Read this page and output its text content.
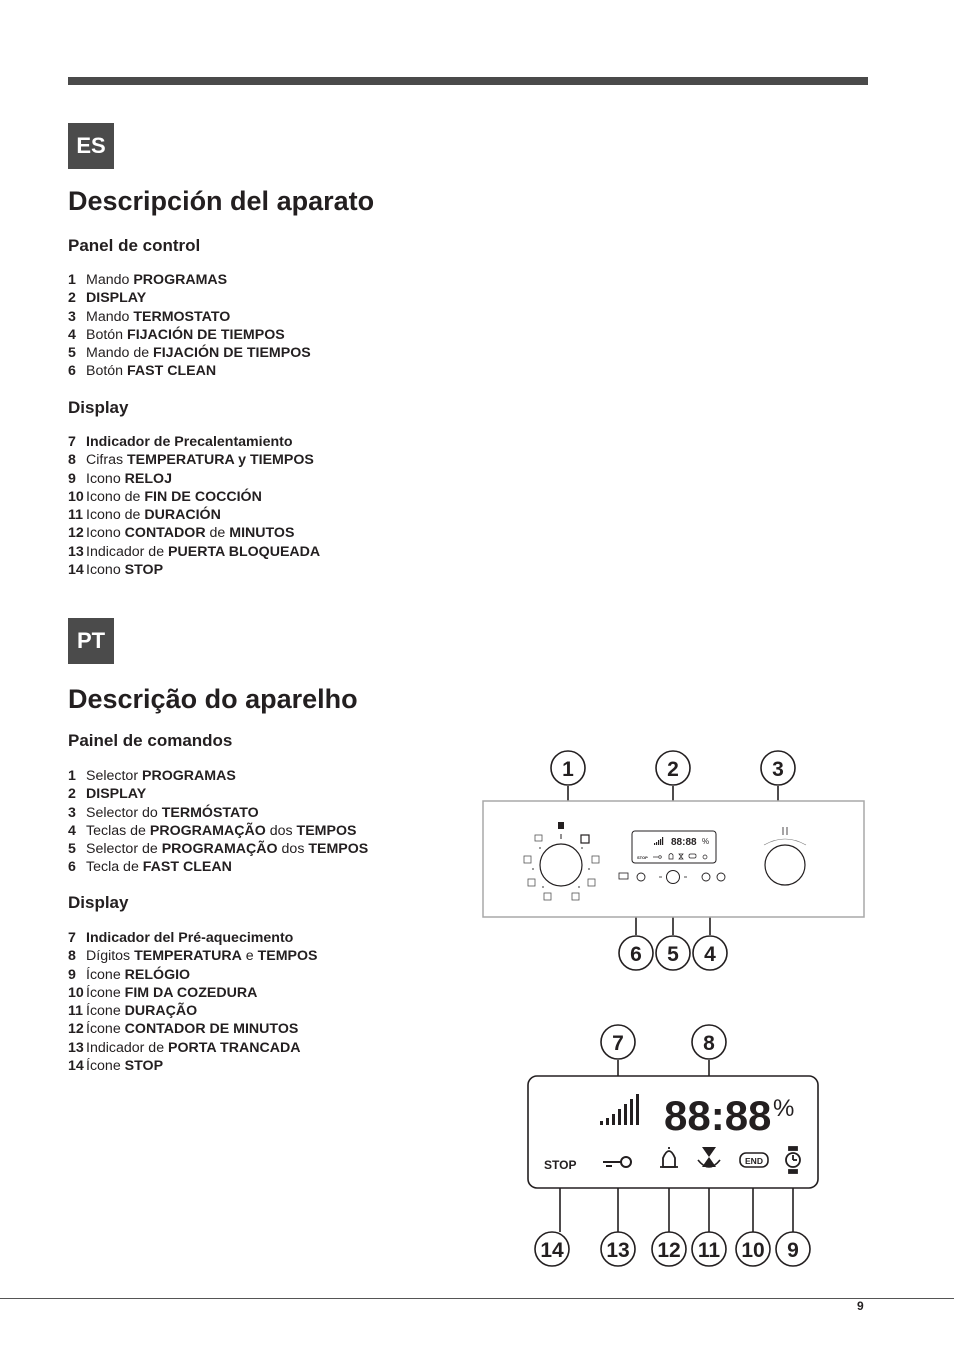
ES
Descripción del aparato
Panel de control
1 Mando PROGRAMAS
2 DISPLAY
3 Mando TERMOSTATO
4 Botón FIJACIÓN DE TIEMPOS
5 Mando de FIJACIÓN DE TIEMPOS
6 Botón FAST CLEAN
Display
7 Indicador de Precalentamiento
8 Cifras TEMPERATURA y TIEMPOS
9 Icono RELOJ
10 Icono de FIN DE COCCIÓN
11 Icono de DURACIÓN
12 Icono CONTADOR de MINUTOS
13 Indicador de PUERTA BLOQUEADA
14 Icono STOP
PT
Descrição do aparelho
Painel de comandos
1 Selector PROGRAMAS
2 DISPLAY
3 Selector do TERMÓSTATO
4 Teclas de PROGRAMAÇÃO dos TEMPOS
5 Selector de PROGRAMAÇÃO dos TEMPOS
6 Tecla de FAST CLEAN
Display
7 Indicador del Pré-aquecimento
8 Dígitos TEMPERATURA e TEMPOS
9 Ícone RELÓGIO
10 Ícone FIM DA COZEDURA
11 Ícone DURAÇÃO
12 Ícone CONTADOR DE MINUTOS
13 Indicador de PORTA TRANCADA
14 Ícone STOP
88:88 %
STOP
1	2	3
6 5 4
88:88 %
STOP	END
7	8
14 13 12 11 10 9
9
